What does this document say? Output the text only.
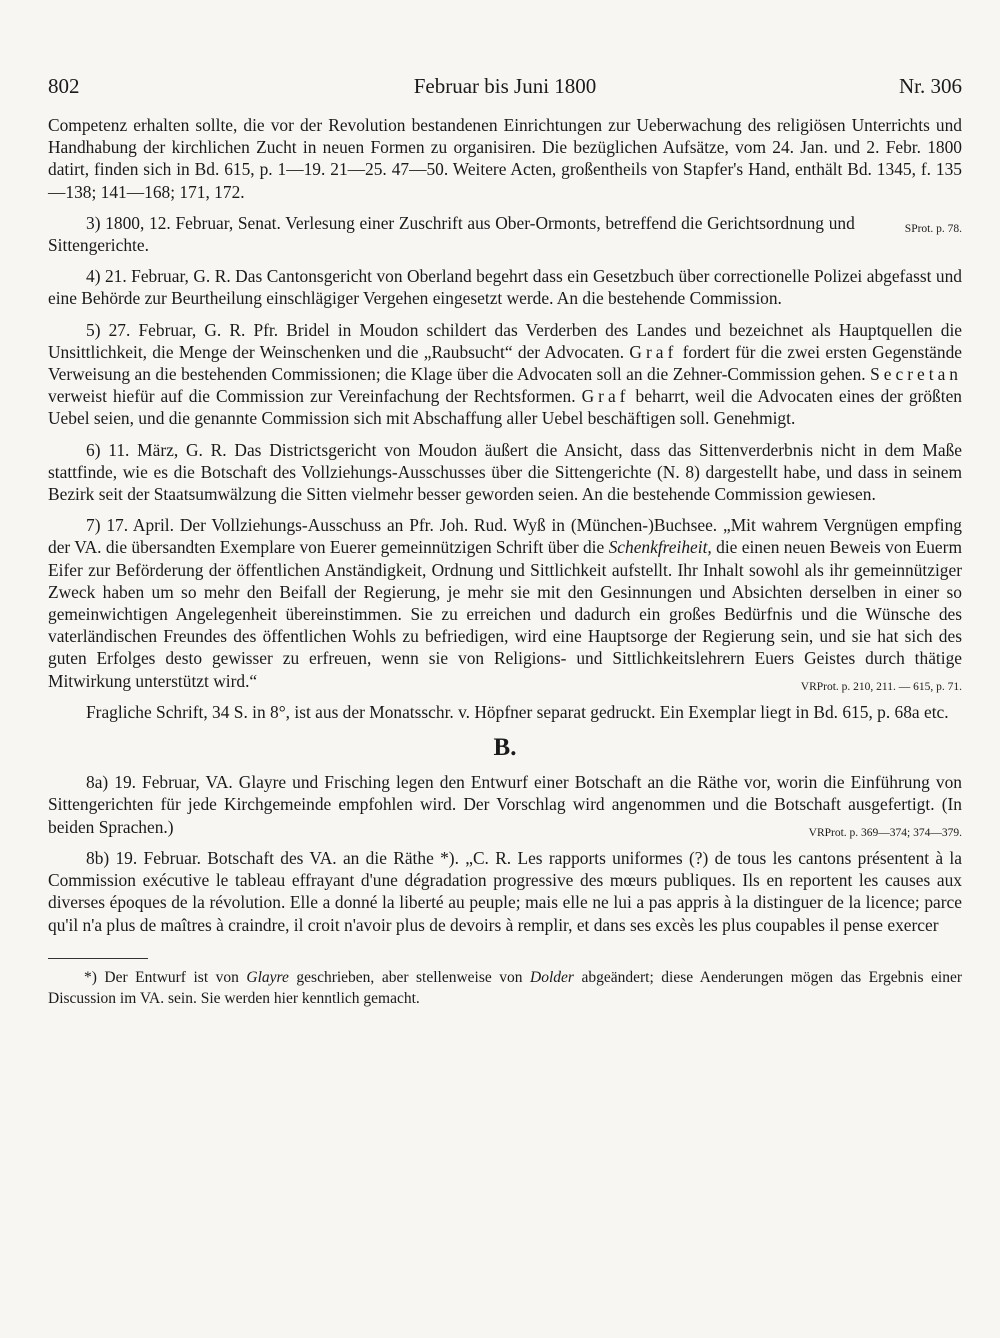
802	Februar bis Juni 1800	Nr. 306

Competenz erhalten sollte, die vor der Revolution bestandenen Einrichtungen zur Ueberwachung des religiösen Unterrichts und Handhabung der kirchlichen Zucht in neuen Formen zu organisiren. Die bezüglichen Aufsätze, vom 24. Jan. und 2. Febr. 1800 datirt, finden sich in Bd. 615, p. 1—19. 21—25. 47—50. Weitere Acten, großentheils von Stapfer's Hand, enthält Bd. 1345, f. 135—138; 141—168; 171, 172.

SProt. p. 78.
3) 1800, 12. Februar, Senat. Verlesung einer Zuschrift aus Ober-Ormonts, betreffend die Gerichtsordnung und Sittengerichte.

4) 21. Februar, G. R. Das Cantonsgericht von Oberland begehrt dass ein Gesetzbuch über correctionelle Polizei abgefasst und eine Behörde zur Beurtheilung einschlägiger Vergehen eingesetzt werde. An die bestehende Commission.

5) 27. Februar, G. R. Pfr. Bridel in Moudon schildert das Verderben des Landes und bezeichnet als Hauptquellen die Unsittlichkeit, die Menge der Weinschenken und die „Raubsucht“ der Advocaten. Graf fordert für die zwei ersten Gegenstände Verweisung an die bestehenden Commissionen; die Klage über die Advocaten soll an die Zehner-Commission gehen. Secretan verweist hiefür auf die Commission zur Vereinfachung der Rechtsformen. Graf beharrt, weil die Advocaten eines der größten Uebel seien, und die genannte Commission sich mit Abschaffung aller Uebel beschäftigen soll. Genehmigt.

6) 11. März, G. R. Das Districtsgericht von Moudon äußert die Ansicht, dass das Sittenverderbnis nicht in dem Maße stattfinde, wie es die Botschaft des Vollziehungs-Ausschusses über die Sittengerichte (N. 8) dargestellt habe, und dass in seinem Bezirk seit der Staatsumwälzung die Sitten vielmehr besser geworden seien. An die bestehende Commission gewiesen.

7) 17. April. Der Vollziehungs-Ausschuss an Pfr. Joh. Rud. Wyß in (München-)Buchsee. „Mit wahrem Vergnügen empfing der VA. die übersandten Exemplare von Euerer gemeinnützigen Schrift über die Schenkfreiheit, die einen neuen Beweis von Euerm Eifer zur Beförderung der öffentlichen Anständigkeit, Ordnung und Sittlichkeit aufstellt. Ihr Inhalt sowohl als ihr gemeinnütziger Zweck haben um so mehr den Beifall der Regierung, je mehr sie mit den Gesinnungen und Absichten derselben in einer so gemeinwichtigen Angelegenheit übereinstimmen. Sie zu erreichen und dadurch ein großes Bedürfnis und die Wünsche des vaterländischen Freundes des öffentlichen Wohls zu befriedigen, wird eine Hauptsorge der Regierung sein, und sie hat sich des guten Erfolges desto gewisser zu erfreuen, wenn sie von Religions- und Sittlichkeitslehrern Euers Geistes durch thätige Mitwirkung unterstützt wird.“	VRProt. p. 210, 211. — 615, p. 71.

Fragliche Schrift, 34 S. in 8°, ist aus der Monatsschr. v. Höpfner separat gedruckt. Ein Exemplar liegt in Bd. 615, p. 68a etc.

B.

8a) 19. Februar, VA. Glayre und Frisching legen den Entwurf einer Botschaft an die Räthe vor, worin die Einführung von Sittengerichten für jede Kirchgemeinde empfohlen wird. Der Vorschlag wird angenommen und die Botschaft ausgefertigt. (In beiden Sprachen.)	VRProt. p. 369—374; 374—379.

8b) 19. Februar. Botschaft des VA. an die Räthe *). „C. R. Les rapports uniformes (?) de tous les cantons présentent à la Commission exécutive le tableau effrayant d'une dégradation progressive des mœurs publiques. Ils en reportent les causes aux diverses époques de la révolution. Elle a donné la liberté au peuple; mais elle ne lui a pas appris à la distinguer de la licence; parce qu'il n'a plus de maîtres à craindre, il croit n'avoir plus de devoirs à remplir, et dans ses excès les plus coupables il pense exercer

*) Der Entwurf ist von Glayre geschrieben, aber stellenweise von Dolder abgeändert; diese Aenderungen mögen das Ergebnis einer Discussion im VA. sein. Sie werden hier kenntlich gemacht.
